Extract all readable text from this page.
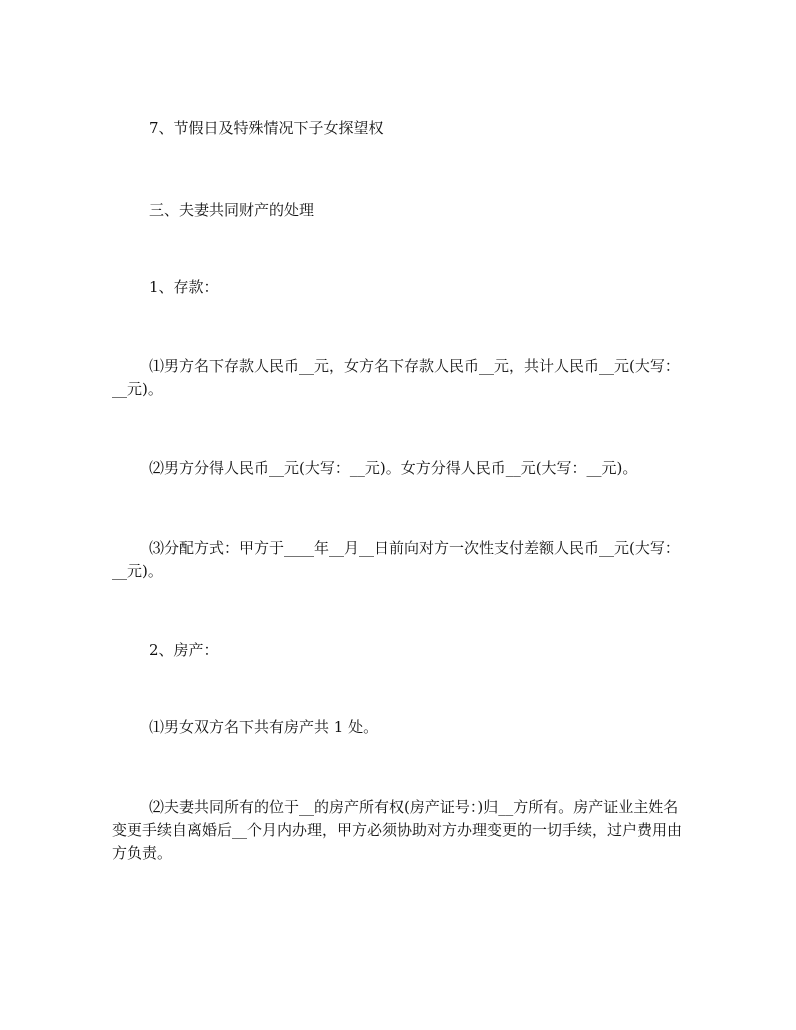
7、节假日及特殊情况下子女探望权

三、夫妻共同财产的处理

1、存款：

⑴男方名下存款人民币__元，女方名下存款人民币__元，共计人民币__元(大写：__元)。

⑵男方分得人民币__元(大写：__元)。女方分得人民币__元(大写：__元)。

⑶分配方式：甲方于____年__月__日前向对方一次性支付差额人民币__元(大写：__元)。

2、房产：

⑴男女双方名下共有房产共 1 处。

⑵夫妻共同所有的位于__的房产所有权(房产证号：)归__方所有。房产证业主姓名变更手续自离婚后__个月内办理，甲方必须协助对方办理变更的一切手续，过户费用由方负责。
